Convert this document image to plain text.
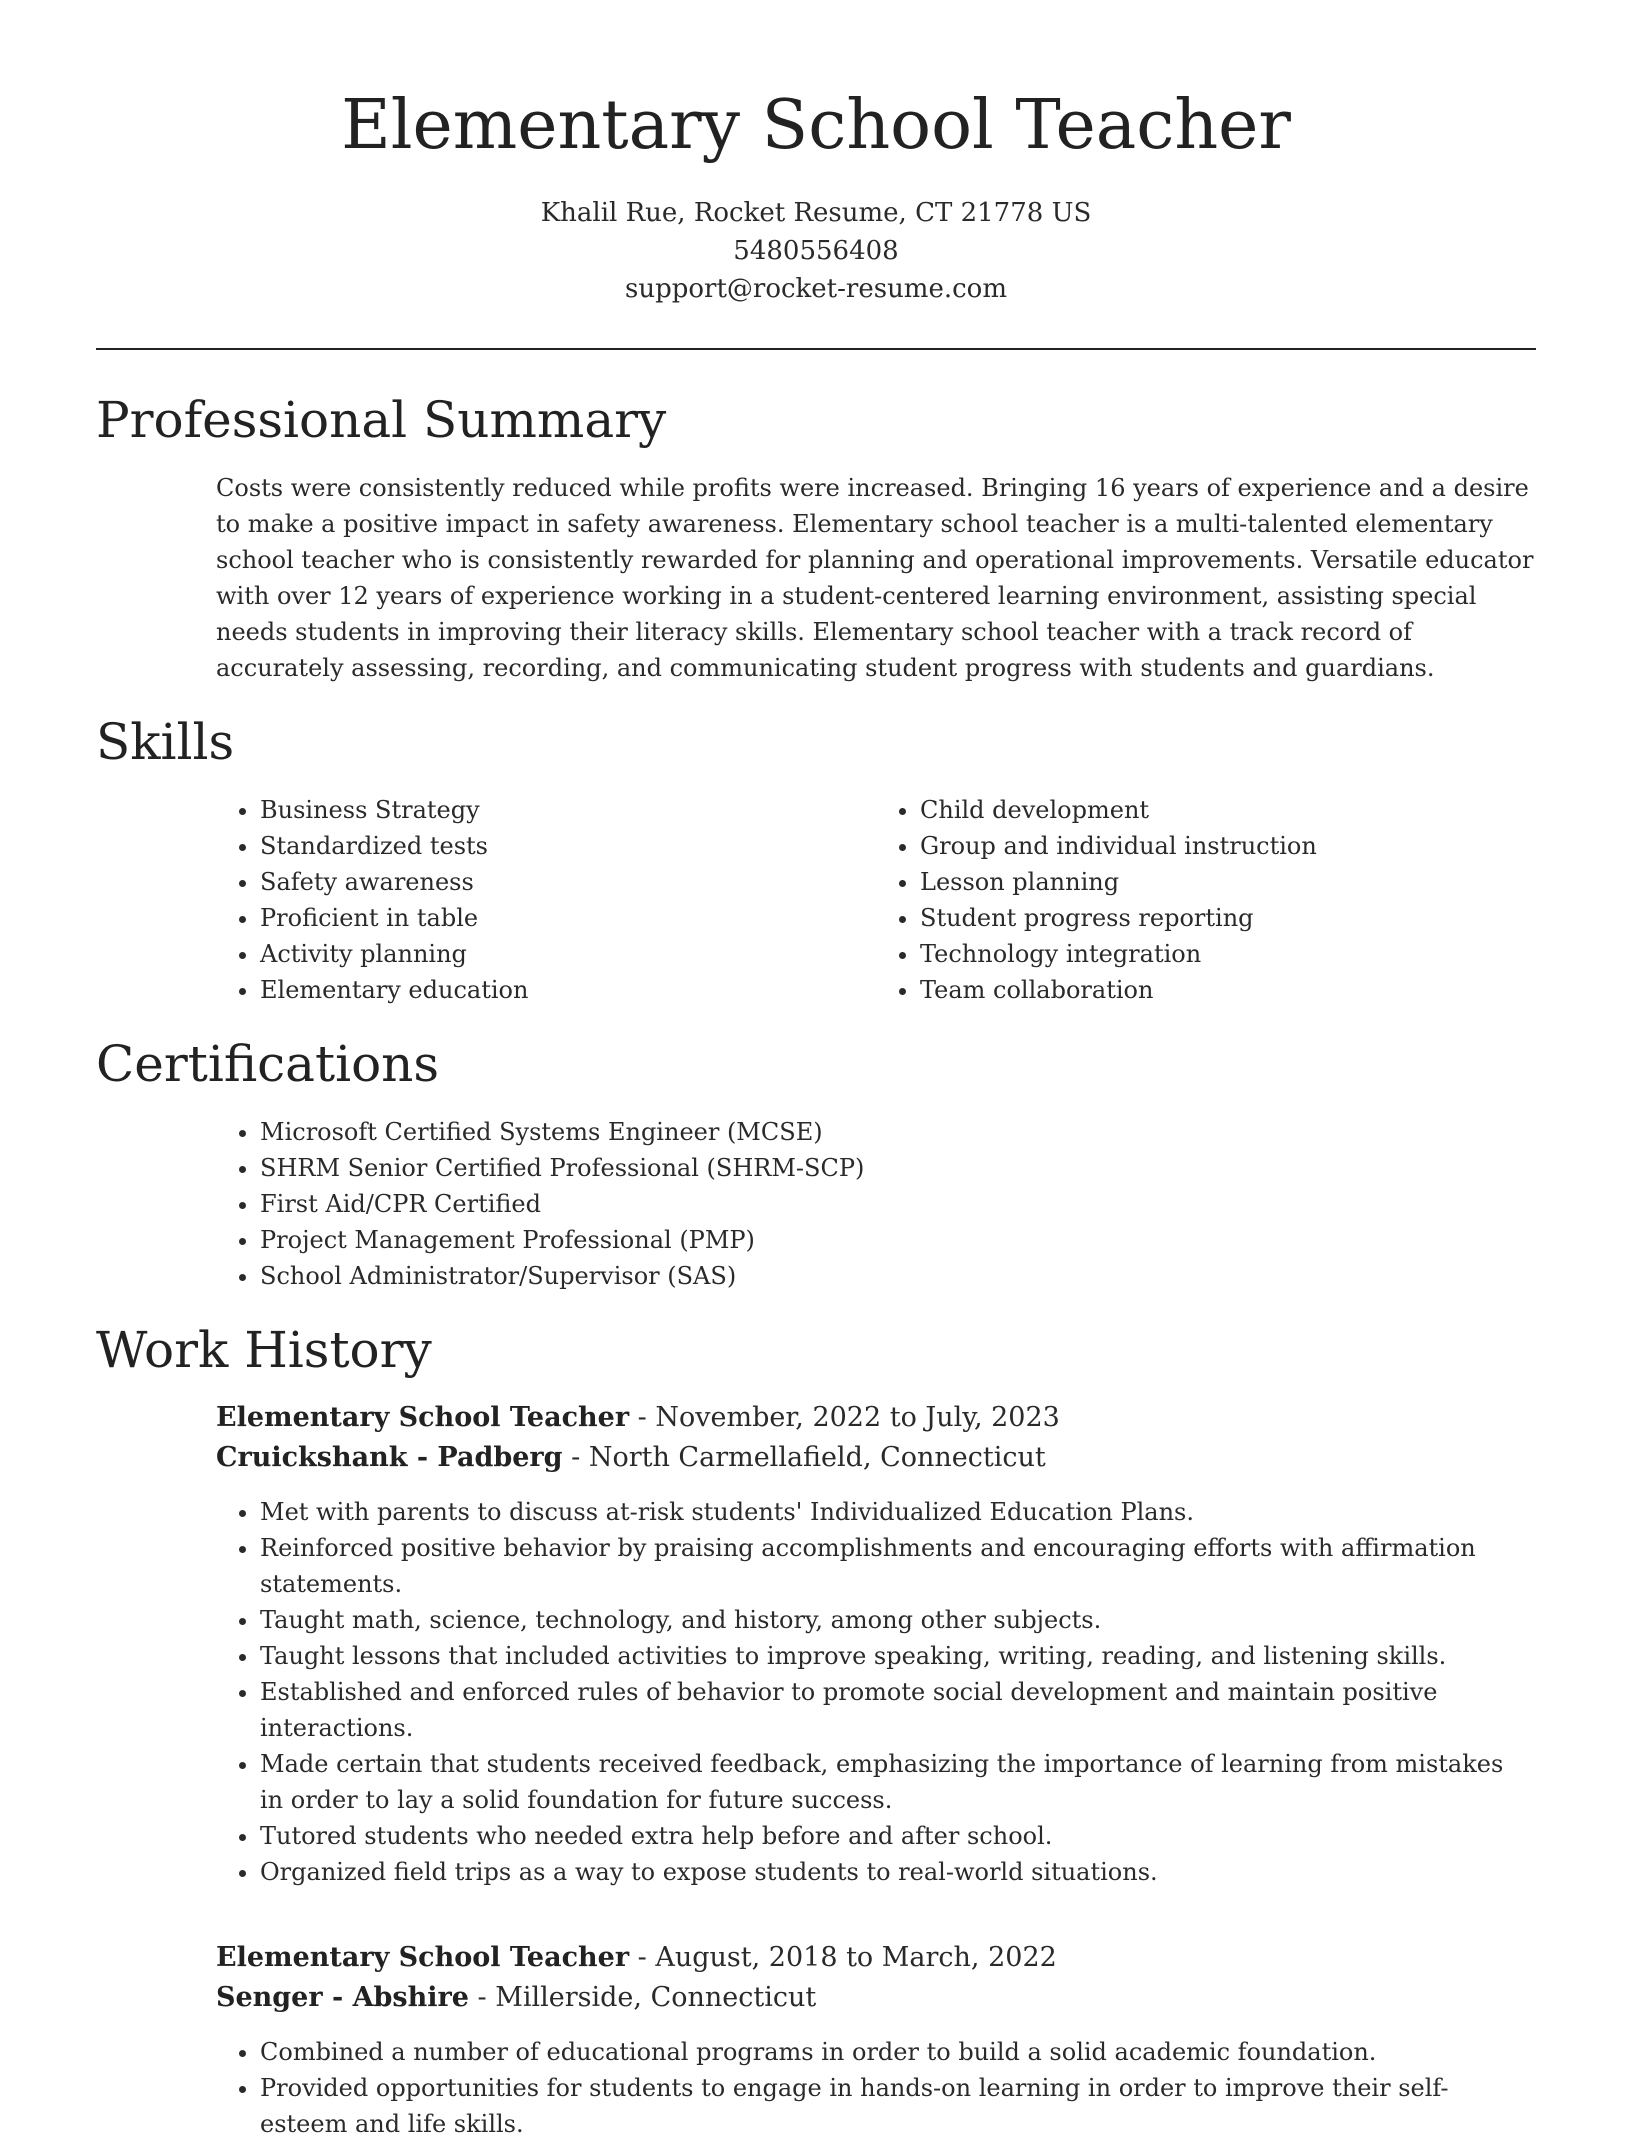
Elementary School Teacher
Khalil Rue, Rocket Resume, CT 21778 US
5480556408
support@rocket-resume.com
Professional Summary

Costs were consistently reduced while profits were increased. Bringing 16 years of experience and a desire to make a positive impact in safety awareness. Elementary school teacher is a multi-talented elementary school teacher who is consistently rewarded for planning and operational improvements. Versatile educator with over 12 years of experience working in a student-centered learning environment, assisting special needs students in improving their literacy skills. Elementary school teacher with a track record of accurately assessing, recording, and communicating student progress with students and guardians.

Skills
• Business Strategy
• Standardized tests
• Safety awareness
• Proficient in table
• Activity planning
• Elementary education
• Child development
• Group and individual instruction
• Lesson planning
• Student progress reporting
• Technology integration
• Team collaboration
Certifications
• Microsoft Certified Systems Engineer (MCSE)
• SHRM Senior Certified Professional (SHRM-SCP)
• First Aid/CPR Certified
• Project Management Professional (PMP)
• School Administrator/Supervisor (SAS)
Work History
Elementary School Teacher - November, 2022 to July, 2023
Cruickshank - Padberg - North Carmellafield, Connecticut
• Met with parents to discuss at-risk students' Individualized Education Plans.
• Reinforced positive behavior by praising accomplishments and encouraging efforts with affirmation statements.
• Taught math, science, technology, and history, among other subjects.
• Taught lessons that included activities to improve speaking, writing, reading, and listening skills.
• Established and enforced rules of behavior to promote social development and maintain positive interactions.
• Made certain that students received feedback, emphasizing the importance of learning from mistakes in order to lay a solid foundation for future success.
• Tutored students who needed extra help before and after school.
• Organized field trips as a way to expose students to real-world situations.
Elementary School Teacher - August, 2018 to March, 2022
Senger - Abshire - Millerside, Connecticut
• Combined a number of educational programs in order to build a solid academic foundation.
• Provided opportunities for students to engage in hands-on learning in order to improve their self-esteem and life skills.
